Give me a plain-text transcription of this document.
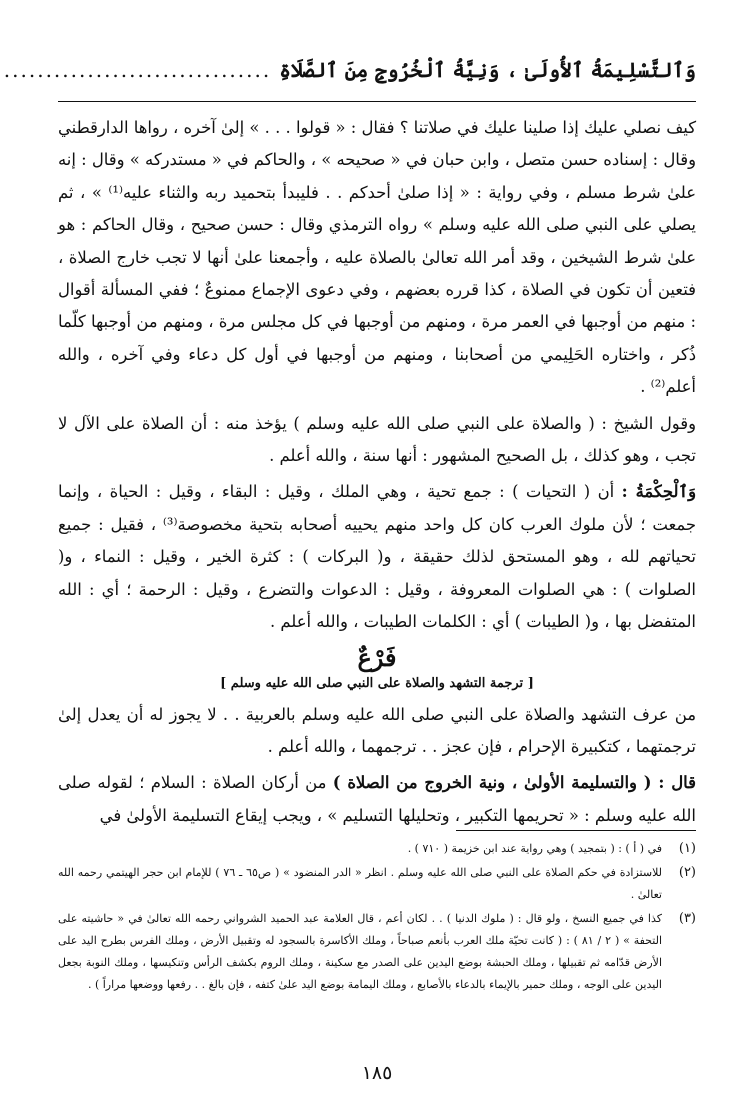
وَٱلتَّسْلِيمَةُ ٱلأُولَىٰ ، وَنِيَّةُ ٱلْخُرُوجِ مِنَ ٱلصَّلَاةِ
................................

كيف نصلي عليك إذا صلينا عليك في صلاتنا ؟ فقال : « قولوا . . . » إلىٰ آخره ، رواها الدارقطني وقال : إسناده حسن متصل ، وابن حبان في « صحيحه » ، والحاكم في « مستدركه » وقال : إنه علىٰ شرط مسلم ، وفي رواية : « إذا صلىٰ أحدكم . . فليبدأ بتحميد ربه والثناء عليه⁽¹⁾ » ، ثم يصلي على النبي صلى الله عليه وسلم » رواه الترمذي وقال : حسن صحيح ، وقال الحاكم : هو علىٰ شرط الشيخين ، وقد أمر الله تعالىٰ بالصلاة عليه ، وأجمعنا علىٰ أنها لا تجب خارج الصلاة ، فتعين أن تكون في الصلاة ، كذا قرره بعضهم ، وفي دعوى الإجماع ممنوعٌ ؛ ففي المسألة أقوال : منهم من أوجبها في العمر مرة ، ومنهم من أوجبها في كل مجلس مرة ، ومنهم من أوجبها كلّما ذُكر ، واختاره الحَلِيمي من أصحابنا ، ومنهم من أوجبها في أول كل دعاء وفي آخره ، والله أعلم⁽²⁾ .

وقول الشيخ : ( والصلاة على النبي صلى الله عليه وسلم ) يؤخذ منه : أن الصلاة على الآل لا تجب ، وهو كذلك ، بل الصحيح المشهور : أنها سنة ، والله أعلم .

وَٱلْحِكْمَةُ : أن ( التحيات ) : جمع تحية ، وهي الملك ، وقيل : البقاء ، وقيل : الحياة ، وإنما جمعت ؛ لأن ملوك العرب كان كل واحد منهم يحييه أصحابه بتحية مخصوصة⁽³⁾ ، فقيل : جميع تحياتهم لله ، وهو المستحق لذلك حقيقة ، و( البركات ) : كثرة الخير ، وقيل : النماء ، و( الصلوات ) : هي الصلوات المعروفة ، وقيل : الدعوات والتضرع ، وقيل : الرحمة ؛ أي : الله المتفضل بها ، و( الطيبات ) أي : الكلمات الطيبات ، والله أعلم .

فَرْعٌ
[ ترجمة التشهد والصلاة على النبي صلى الله عليه وسلم ]

من عرف التشهد والصلاة على النبي صلى الله عليه وسلم بالعربية . . لا يجوز له أن يعدل إلىٰ ترجمتهما ، كتكبيرة الإحرام ، فإن عجز . . ترجمهما ، والله أعلم .

قال : ( والتسليمة الأولىٰ ، ونية الخروج من الصلاة ) من أركان الصلاة : السلام ؛ لقوله صلى الله عليه وسلم : « تحريمها التكبير ، وتحليلها التسليم » ، ويجب إيقاع التسليمة الأولىٰ في

(١)
في ( أ ) : ( بتمجيد ) وهي رواية عند ابن خزيمة ( ٧١٠ ) .
(٢)
للاستزادة في حكم الصلاة على النبي صلى الله عليه وسلم . انظر « الدر المنضود » ( ص٦٥ ـ ٧٦ ) للإمام ابن حجر الهيتمي رحمه الله تعالىٰ .
(٣)
كذا في جميع النسخ ، ولو قال : ( ملوك الدنيا ) . . لكان أعم ، قال العلامة عبد الحميد الشرواني رحمه الله تعالىٰ في « حاشيته على التحفة » ( ٢ / ٨١ ) : ( كانت تحيّة ملك العرب بأنعم صباحاً ، وملك الأكاسرة بالسجود له وتقبيل الأرض ، وملك الفرس بطرح اليد على الأرض قدّامه ثم تقبيلها ، وملك الحبشة بوضع اليدين على الصدر مع سكينة ، وملك الروم بكشف الرأس وتنكيسها ، وملك النوبة بجعل اليدين على الوجه ، وملك حمير بالإيماء بالدعاء بالأصابع ، وملك اليمامة بوضع اليد علىٰ كتفه ، فإن بالغ . . رفعها ووضعها مراراً ) .
١٨٥
